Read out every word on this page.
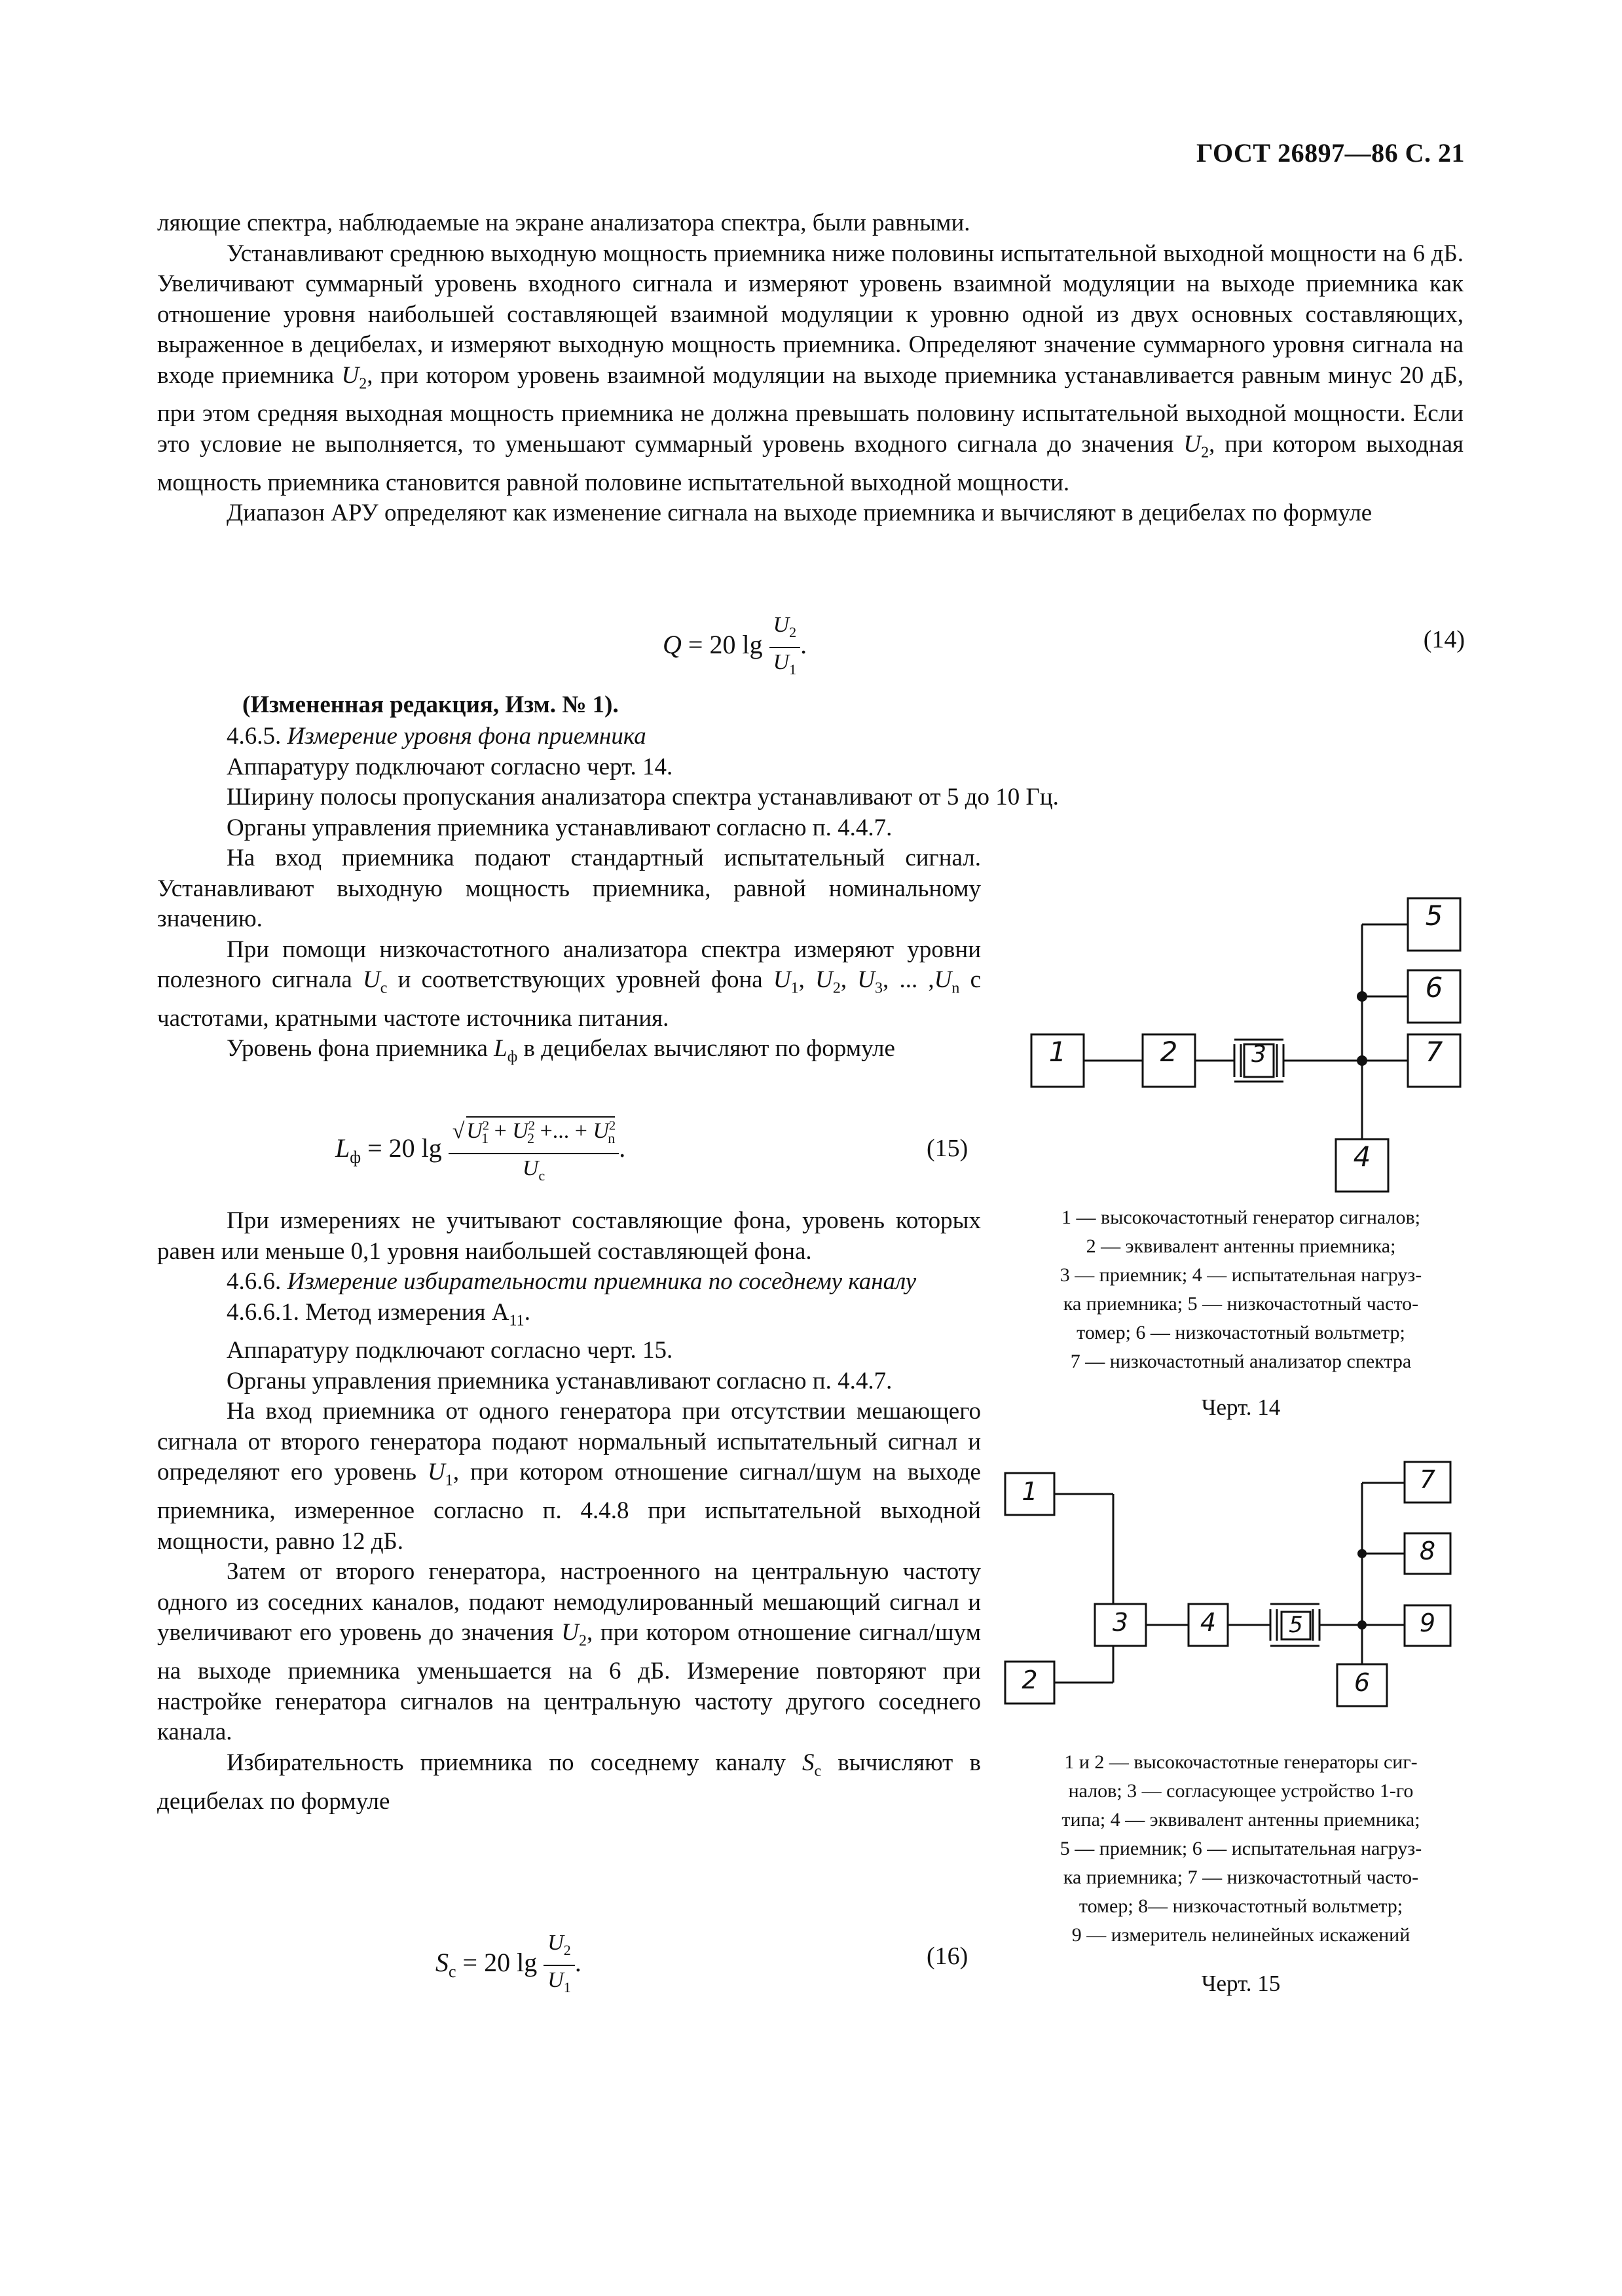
ГОСТ 26897—86 С. 21
ляющие спектра, наблюдаемые на экране анализатора спектра, были равными.
Устанавливают среднюю выходную мощность приемника ниже половины испытательной выходной мощности на 6 дБ. Увеличивают суммарный уровень входного сигнала и измеряют уровень взаимной модуляции на выходе приемника как отношение уровня наибольшей составляющей взаимной модуляции к уровню одной из двух основных составляющих, выраженное в децибелах, и измеряют выходную мощность приемника. Определяют значение суммарного уровня сигнала на входе приемника $U_2$, при котором уровень взаимной модуляции на выходе приемника устанавливается равным минус 20 дБ, при этом средняя выходная мощность приемника не должна превышать половину испытательной выходной мощности. Если это условие не выполняется, то уменьшают суммарный уровень входного сигнала до значения $U_2$, при котором выходная мощность приемника становится равной половине испытательной выходной мощности.
Диапазон АРУ определяют как изменение сигнала на выходе приемника и вычисляют в децибелах по формуле
Q = 20 $\lg \frac{U_2}{U_1}$ .	(14)
(Измененная редакция, Изм. № 1).
4.6.5. Измерение уровня фона приемника
Аппаратуру подключают согласно черт. 14.
Ширину полосы пропускания анализатора спектра устанавливают от 5 до 10 Гц.
Органы управления приемника устанавливают согласно п. 4.4.7.
На вход приемника подают стандартный испытательный сигнал. Устанавливают выходную мощность приемника, равной номинальному значению.
При помощи низкочастотного анализатора спектра измеряют уровни полезного сигнала $U_с$ и соответствующих уровней фона $U_1$, $U_2$, $U_3$, ... $,U_n$ с частотами, кратными частоте источника питания.
Уровень фона приемника $L_ф$ в децибелах вычисляют по формуле
$L_ф = 20$ $\lg \frac{√ U^2_1 + U^2_2 +... + U^2_n}{U_с}$ .	(15)
При измерениях не учитывают составляющие фона, уровень которых равен или меньше 0,1 уровня наибольшей составляющей фона.
4.6.6. Измерение избирательности приемника по соседнему каналу
4.6.6.1. Метод измерения $А_{11}$.
Аппаратуру подключают согласно черт. 15.
Органы управления приемника устанавливают согласно п. 4.4.7.
На вход приемника от одного генератора при отсутствии мешающего сигнала от второго генератора подают нормальный испытательный сигнал и определяют его уровень $U_1$, при котором отношение сигнал/шум на выходе приемника, измеренное согласно п. 4.4.8 при испытательной выходной мощности, равно 12 дБ.
Затем от второго генератора, настроенного на центральную частоту одного из соседних каналов, подают немодулированный мешающий сигнал и увеличивают его уровень до значения $U_2$, при котором отношение сигнал/шум на выходе приемника уменьшается на 6 дБ. Измерение повторяют при настройке генератора сигналов на центральную частоту другого соседнего канала.
Избирательность приемника по соседнему каналу $S_с$ вычисляют в децибелах по формуле
$S_с = 20$ $\lg \frac{U_2}{U_1}$ .	(16)
1	2	3
4
5
6
7
1 — высокочастотный генератор сигналов;
2 — эквивалент антенны приемника;
3 — приемник; 4 — испытательная нагруз-
ка приемника; 5 — низкочастотный часто-
томер; 6 — низкочастотный вольтметр;
7 — низкочастотный анализатор спектра
Черт. 14
1
2
3	4	5
6
7
8
9
1 и 2 — высокочастотные генераторы сиг-
налов; 3 — согласующее устройство 1-го
типа; 4 — эквивалент антенны приемника;
5 — приемник; 6 — испытательная нагруз-
ка приемника; 7 — низкочастотный часто-
томер; 8— низкочастотный вольтметр;
9 — измеритель нелинейных искажений
Черт. 15
